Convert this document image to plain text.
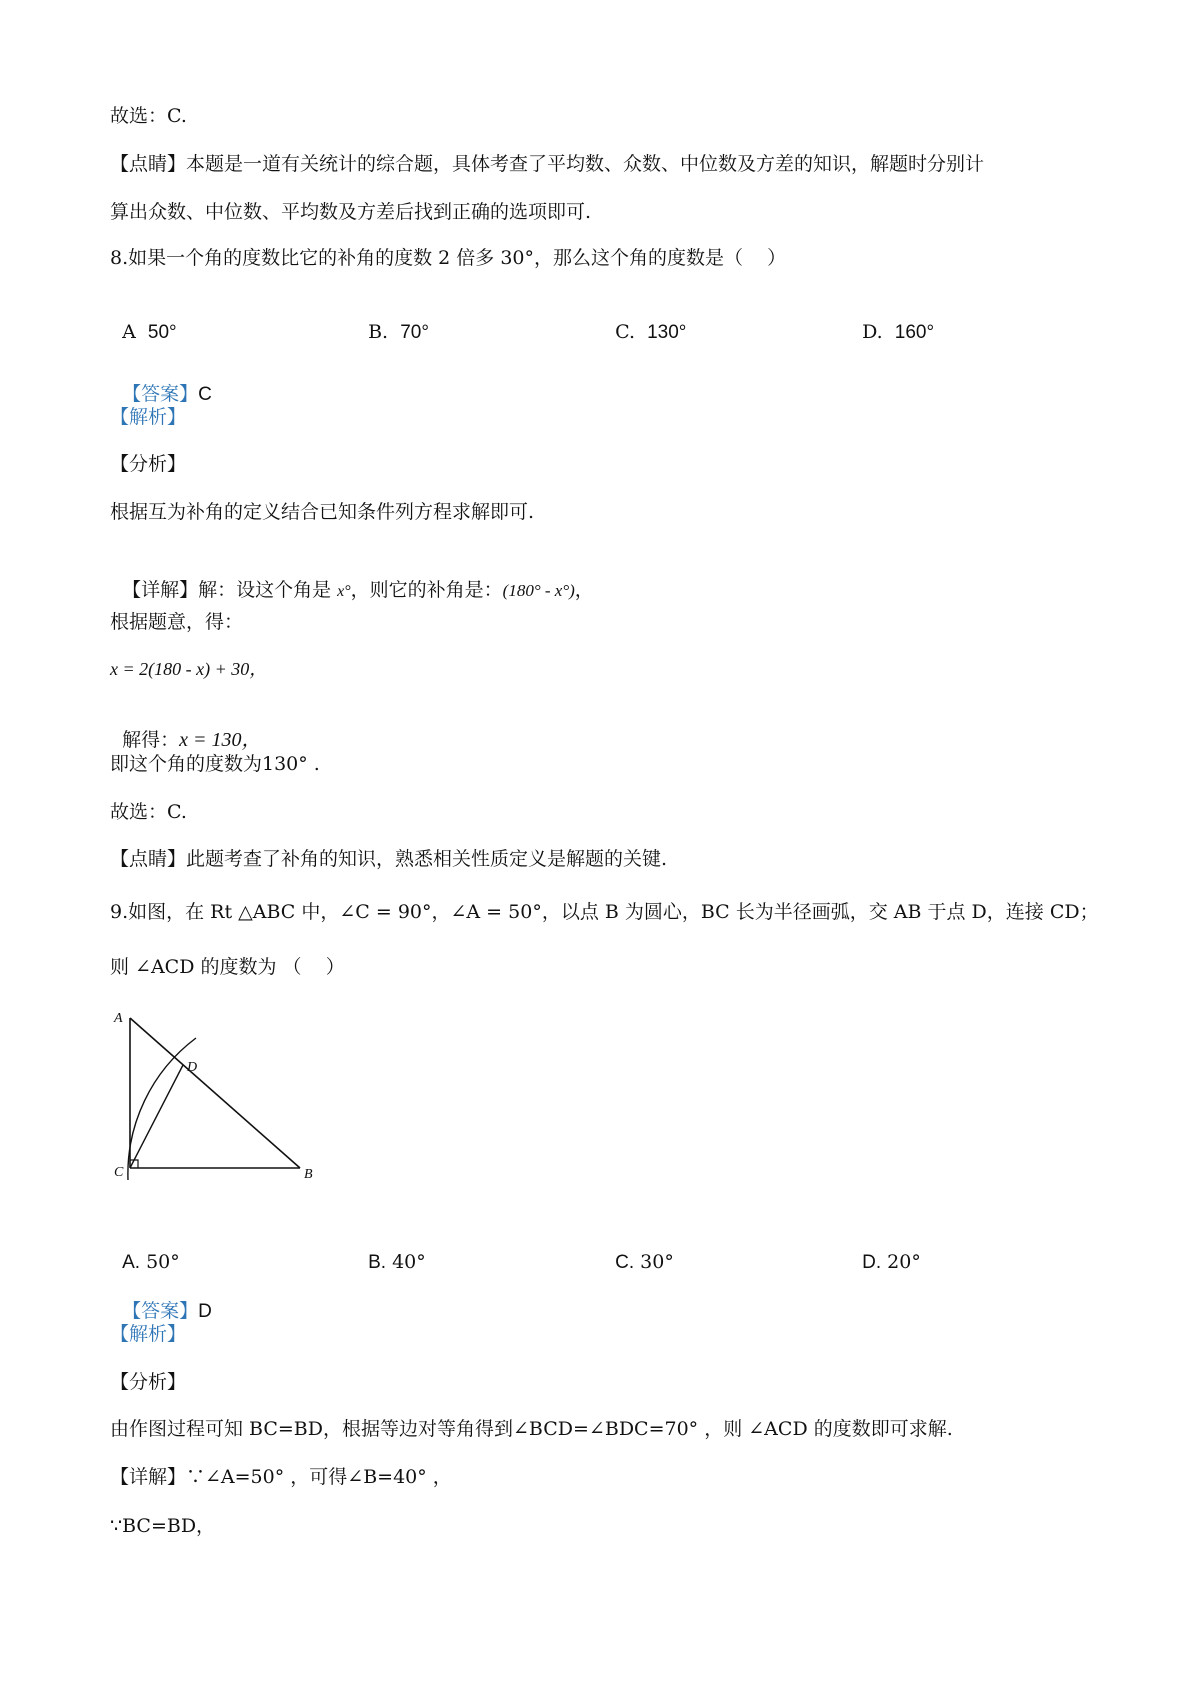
故选：C.
【点睛】本题是一道有关统计的综合题，具体考查了平均数、众数、中位数及方差的知识，解题时分别计
算出众数、中位数、平均数及方差后找到正确的选项即可.
8.如果一个角的度数比它的补角的度数 2 倍多 30°，那么这个角的度数是（    ）

A 50°	B. 70°	C. 130°	D. 160°

【答案】C

【解析】
【分析】
根据互为补角的定义结合已知条件列方程求解即可.

【详解】解：设这个角是 x°，则它的补角是：(180° - x°)，

根据题意，得：
x = 2(180 - x) + 30，

解得：x = 130，

即这个角的度数为130° .
故选：C.
【点睛】此题考查了补角的知识，熟悉相关性质定义是解题的关键.
9.如图，在 Rt △ABC 中，∠C = 90°，∠A = 50°，以点 B 为圆心，BC 长为半径画弧，交 AB 于点 D，连接 CD；
则 ∠ACD 的度数为 （    ）
A
D
C	B

A. 50°	B. 40°	C. 30°	D. 20°

【答案】D

【解析】
【分析】
由作图过程可知 BC=BD，根据等边对等角得到∠BCD=∠BDC=70° ，则 ∠ACD 的度数即可求解.
【详解】∵∠A=50° ，可得∠B=40° ，
∵BC=BD，
